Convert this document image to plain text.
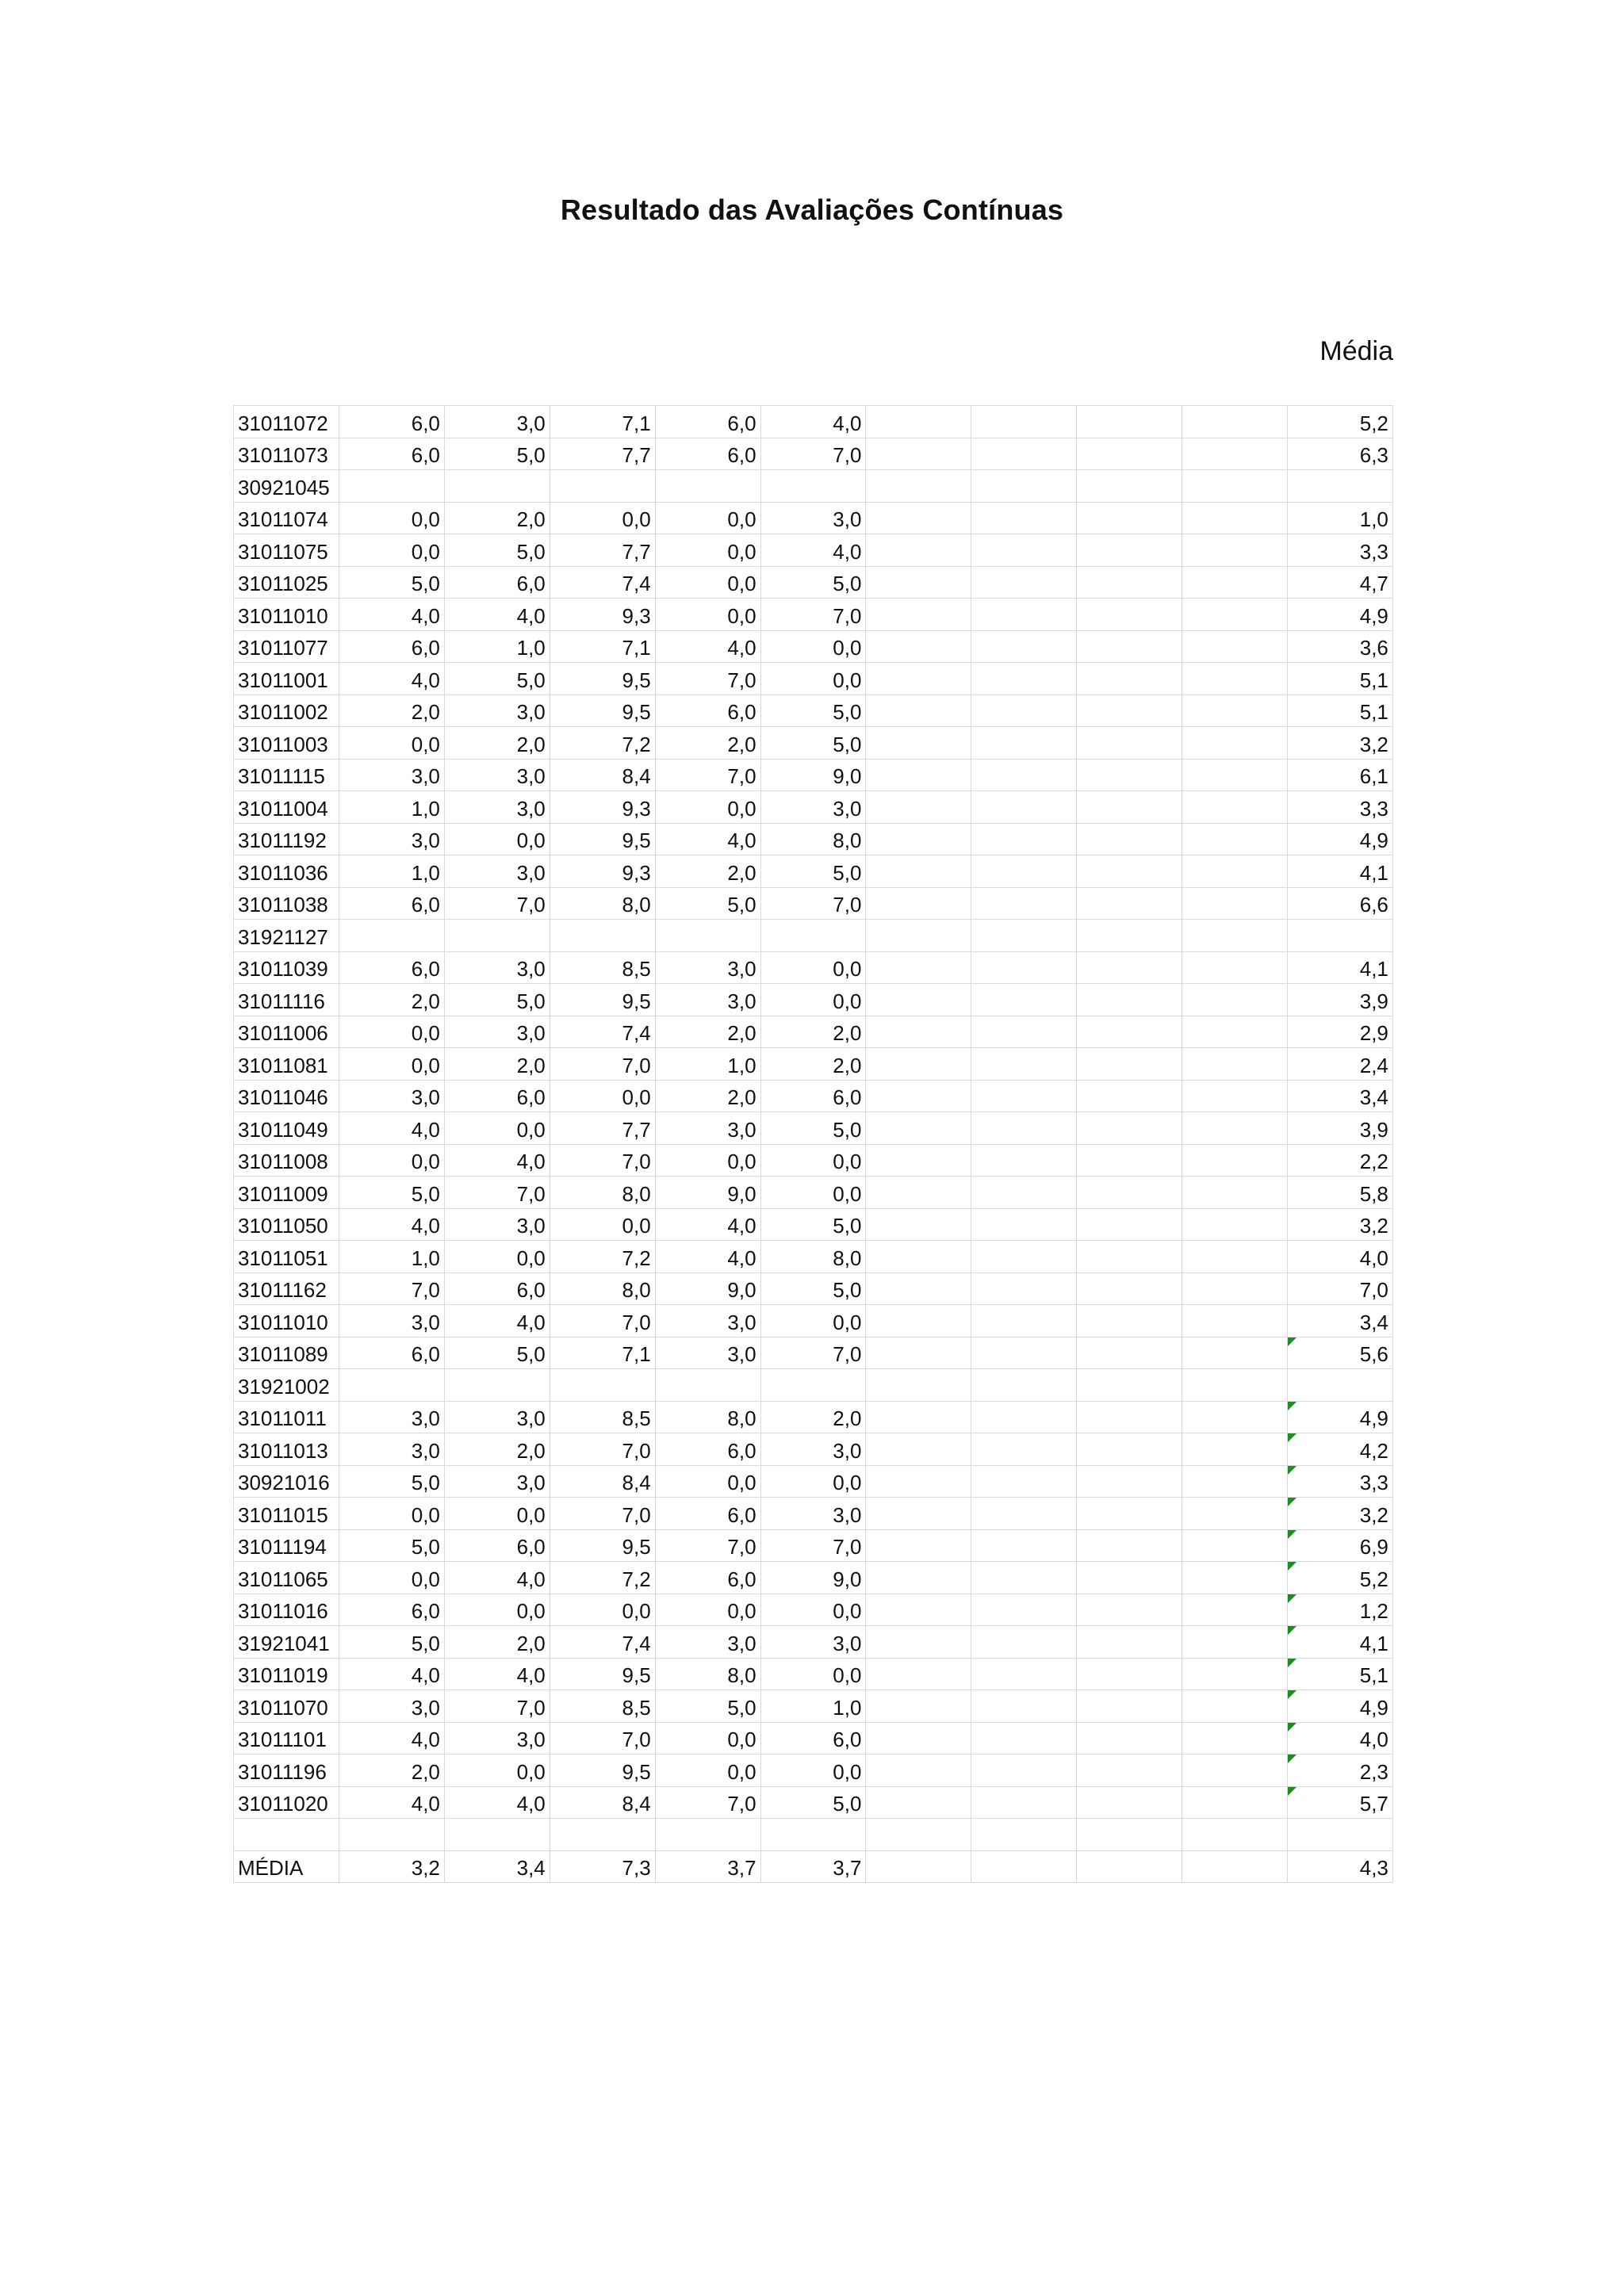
Resultado das Avaliações Contínuas
Média
31011072	6,0	3,0	7,1	6,0	4,0					5,2
31011073	6,0	5,0	7,7	6,0	7,0					6,3
30921045										
31011074	0,0	2,0	0,0	0,0	3,0					1,0
31011075	0,0	5,0	7,7	0,0	4,0					3,3
31011025	5,0	6,0	7,4	0,0	5,0					4,7
31011010	4,0	4,0	9,3	0,0	7,0					4,9
31011077	6,0	1,0	7,1	4,0	0,0					3,6
31011001	4,0	5,0	9,5	7,0	0,0					5,1
31011002	2,0	3,0	9,5	6,0	5,0					5,1
31011003	0,0	2,0	7,2	2,0	5,0					3,2
31011115	3,0	3,0	8,4	7,0	9,0					6,1
31011004	1,0	3,0	9,3	0,0	3,0					3,3
31011192	3,0	0,0	9,5	4,0	8,0					4,9
31011036	1,0	3,0	9,3	2,0	5,0					4,1
31011038	6,0	7,0	8,0	5,0	7,0					6,6
31921127										
31011039	6,0	3,0	8,5	3,0	0,0					4,1
31011116	2,0	5,0	9,5	3,0	0,0					3,9
31011006	0,0	3,0	7,4	2,0	2,0					2,9
31011081	0,0	2,0	7,0	1,0	2,0					2,4
31011046	3,0	6,0	0,0	2,0	6,0					3,4
31011049	4,0	0,0	7,7	3,0	5,0					3,9
31011008	0,0	4,0	7,0	0,0	0,0					2,2
31011009	5,0	7,0	8,0	9,0	0,0					5,8
31011050	4,0	3,0	0,0	4,0	5,0					3,2
31011051	1,0	0,0	7,2	4,0	8,0					4,0
31011162	7,0	6,0	8,0	9,0	5,0					7,0
31011010	3,0	4,0	7,0	3,0	0,0					3,4
31011089	6,0	5,0	7,1	3,0	7,0					5,6
31921002										
31011011	3,0	3,0	8,5	8,0	2,0					4,9
31011013	3,0	2,0	7,0	6,0	3,0					4,2
30921016	5,0	3,0	8,4	0,0	0,0					3,3
31011015	0,0	0,0	7,0	6,0	3,0					3,2
31011194	5,0	6,0	9,5	7,0	7,0					6,9
31011065	0,0	4,0	7,2	6,0	9,0					5,2
31011016	6,0	0,0	0,0	0,0	0,0					1,2
31921041	5,0	2,0	7,4	3,0	3,0					4,1
31011019	4,0	4,0	9,5	8,0	0,0					5,1
31011070	3,0	7,0	8,5	5,0	1,0					4,9
31011101	4,0	3,0	7,0	0,0	6,0					4,0
31011196	2,0	0,0	9,5	0,0	0,0					2,3
31011020	4,0	4,0	8,4	7,0	5,0					5,7

MÉDIA	3,2	3,4	7,3	3,7	3,7					4,3
